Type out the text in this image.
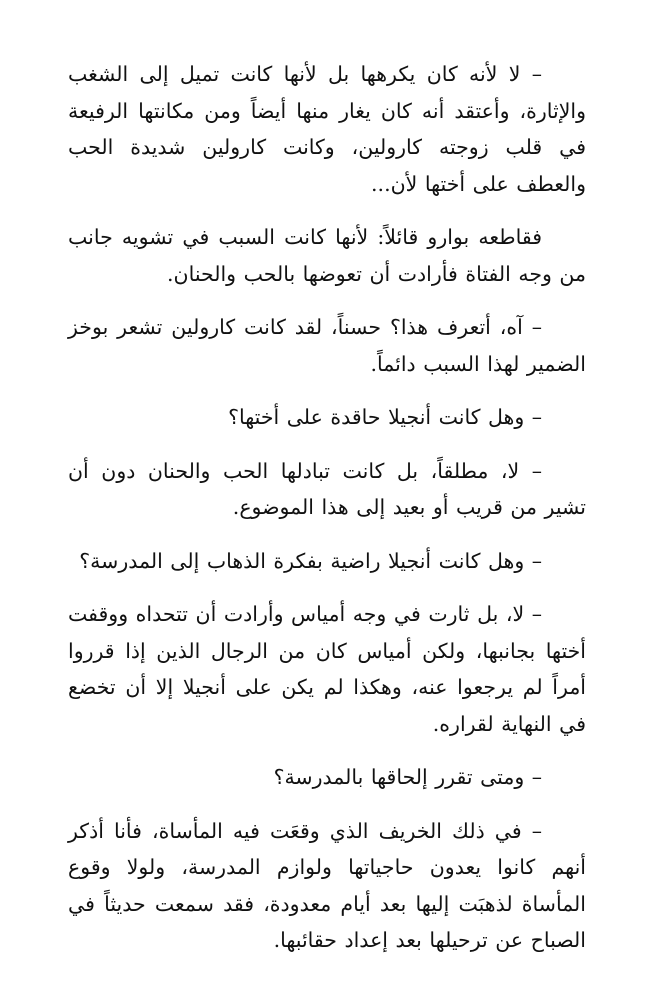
– لا لأنه كان يكرهها بل لأنها كانت تميل إلى الشغب والإثارة، وأعتقد أنه كان يغار منها أيضاً ومن مكانتها الرفيعة في قلب زوجته كارولين، وكانت كارولين شديدة الحب والعطف على أختها لأن...

فقاطعه بوارو قائلاً: لأنها كانت السبب في تشويه جانب من وجه الفتاة فأرادت أن تعوضها بالحب والحنان.

– آه، أتعرف هذا؟ حسناً، لقد كانت كارولين تشعر بوخز الضمير لهذا السبب دائماً.

– وهل كانت أنجيلا حاقدة على أختها؟

– لا، مطلقاً، بل كانت تبادلها الحب والحنان دون أن تشير من قريب أو بعيد إلى هذا الموضوع.

– وهل كانت أنجيلا راضية بفكرة الذهاب إلى المدرسة؟

– لا، بل ثارت في وجه أمياس وأرادت أن تتحداه ووقفت أختها بجانبها، ولكن أمياس كان من الرجال الذين إذا قرروا أمراً لم يرجعوا عنه، وهكذا لم يكن على أنجيلا إلا أن تخضع في النهاية لقراره.

– ومتى تقرر إلحاقها بالمدرسة؟

– في ذلك الخريف الذي وقعَت فيه المأساة، فأنا أذكر أنهم كانوا يعدون حاجياتها ولوازم المدرسة، ولولا وقوع المأساة لذهبَت إليها بعد أيام معدودة، فقد سمعت حديثاً في الصباح عن ترحيلها بعد إعداد حقائبها.
